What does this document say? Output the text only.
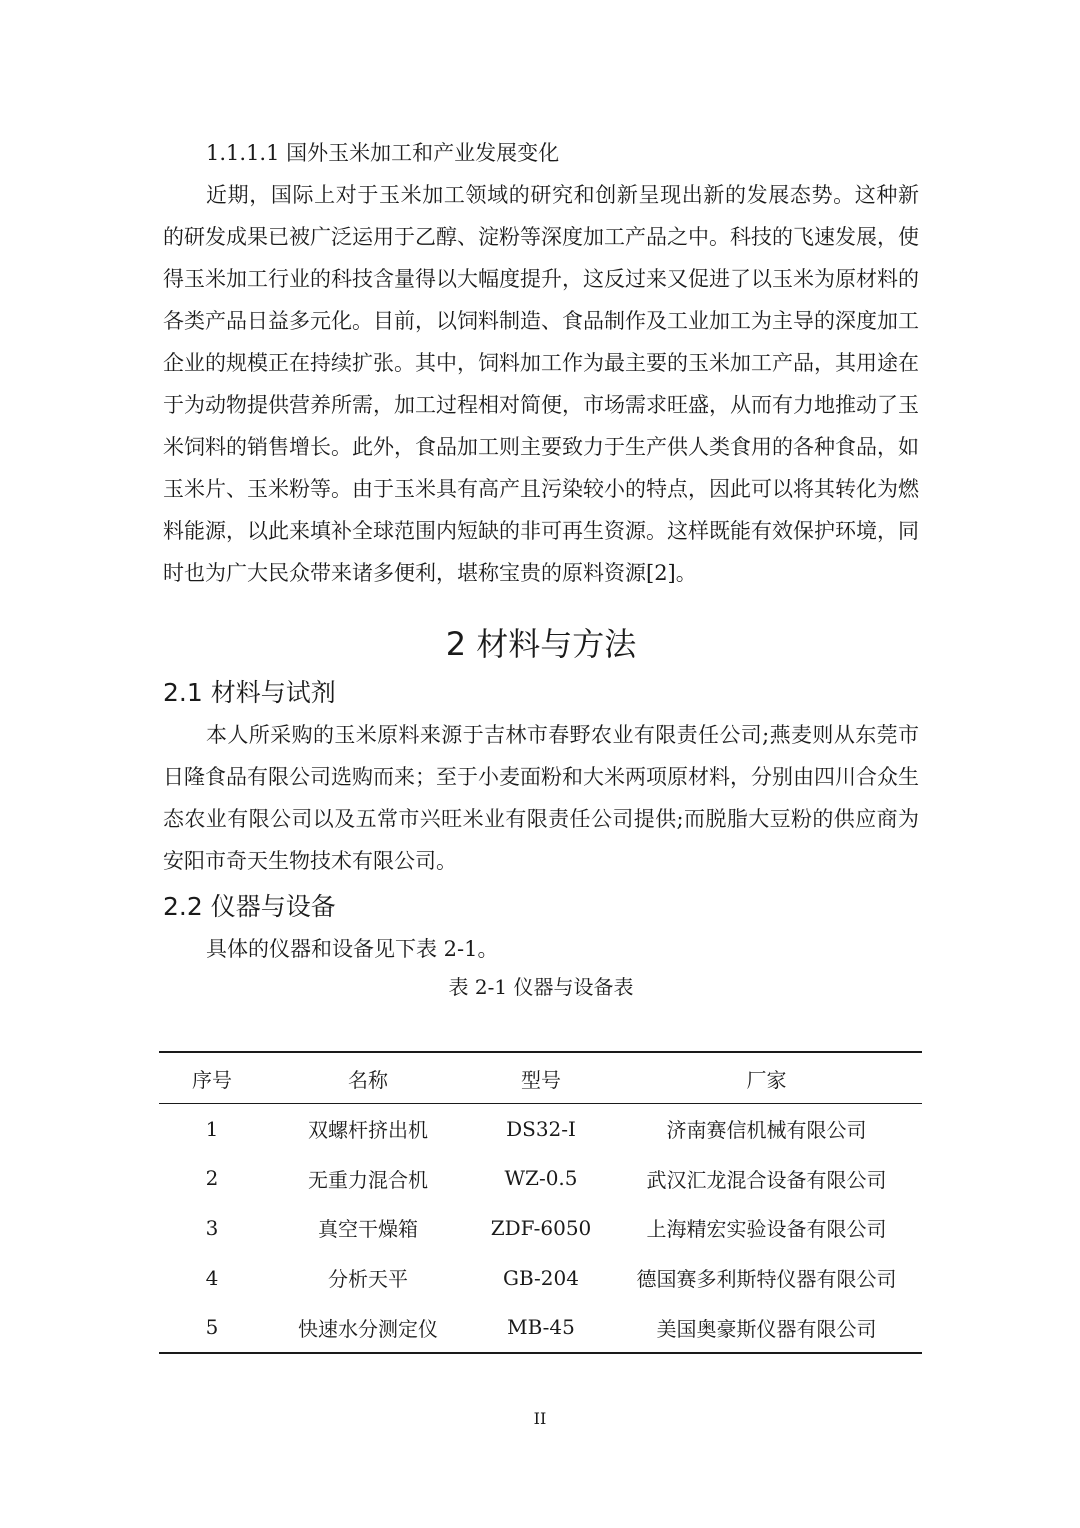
1.1.1.1 国外玉米加工和产业发展变化

近期，国际上对于玉米加工领域的研究和创新呈现出新的发展态势。这种新的研发成果已被广泛运用于乙醇、淀粉等深度加工产品之中。科技的飞速发展，使得玉米加工行业的科技含量得以大幅度提升，这反过来又促进了以玉米为原材料的各类产品日益多元化。目前，以饲料制造、食品制作及工业加工为主导的深度加工企业的规模正在持续扩张。其中，饲料加工作为最主要的玉米加工产品，其用途在于为动物提供营养所需，加工过程相对简便，市场需求旺盛，从而有力地推动了玉米饲料的销售增长。此外，食品加工则主要致力于生产供人类食用的各种食品，如玉米片、玉米粉等。由于玉米具有高产且污染较小的特点，因此可以将其转化为燃料能源，以此来填补全球范围内短缺的非可再生资源。这样既能有效保护环境，同时也为广大民众带来诸多便利，堪称宝贵的原料资源[2]。

2 材料与方法
2.1 材料与试剂

本人所采购的玉米原料来源于吉林市春野农业有限责任公司;燕麦则从东莞市日隆食品有限公司选购而来；至于小麦面粉和大米两项原材料，分别由四川合众生态农业有限公司以及五常市兴旺米业有限责任公司提供;而脱脂大豆粉的供应商为安阳市奇天生物技术有限公司。

2.2 仪器与设备

具体的仪器和设备见下表 2-1。

表 2-1 仪器与设备表
序号	名称	型号	厂家
1	双螺杆挤出机	DS32-I	济南赛信机械有限公司
2	无重力混合机	WZ-0.5	武汉汇龙混合设备有限公司
3	真空干燥箱	ZDF-6050	上海精宏实验设备有限公司
4	分析天平	GB-204	德国赛多利斯特仪器有限公司
5	快速水分测定仪	MB-45	美国奥豪斯仪器有限公司
II
